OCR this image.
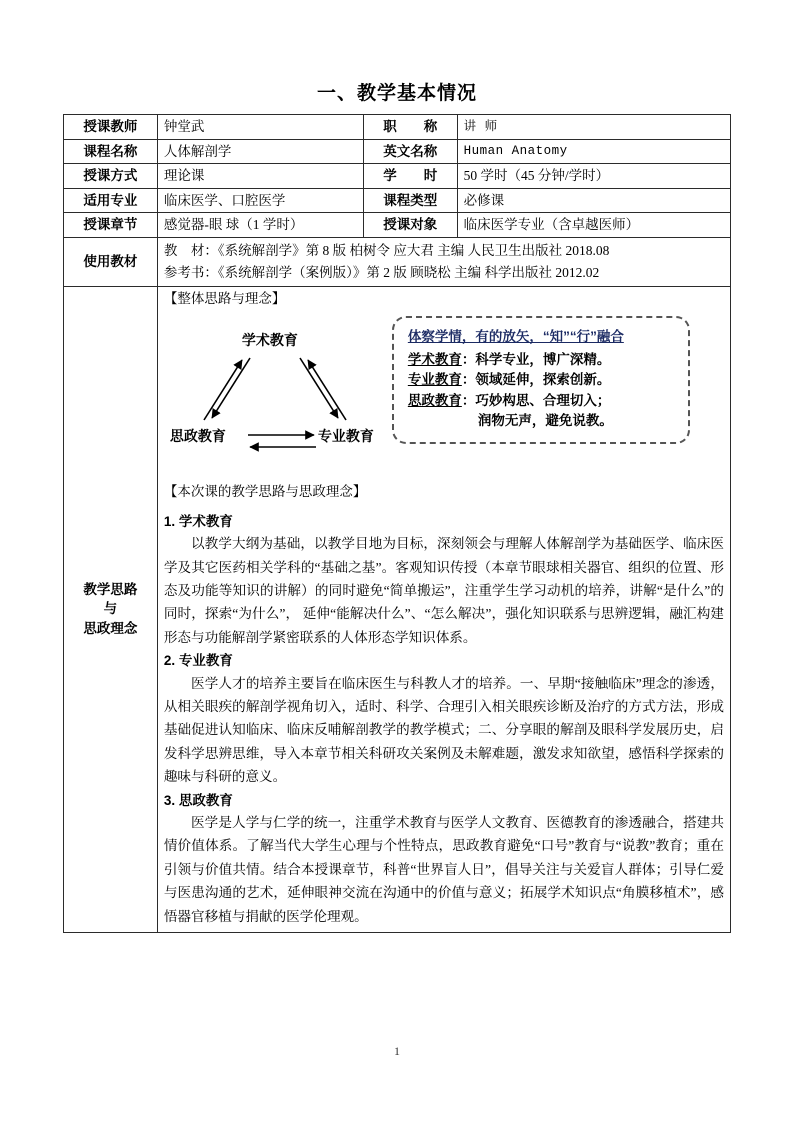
一、教学基本情况
授课教师	钟堂武	职　　称	讲 师
课程名称	人体解剖学	英文名称	Human Anatomy
授课方式	理论课	学　　时	50 学时（45 分钟/学时）
适用专业	临床医学、口腔医学	课程类型	必修课
授课章节	感觉器-眼 球（1 学时）	授课对象	临床医学专业（含卓越医师）
使用教材	教　材：《系统解剖学》第 8 版 柏树令 应大君 主编 人民卫生出版社 2018.08
参考书：《系统解剖学（案例版）》第 2 版 顾晓松 主编 科学出版社 2012.02		

教学思路
与
思政理念

【整体思路与理念】
学术教育
思政教育	专业教育
体察学情，有的放矢，“知”“行”融合
学术教育：科学专业，博广深精。
专业教育：领域延伸，探索创新。
思政教育：巧妙构思、合理切入；
润物无声，避免说教。
【本次课的教学思路与思政理念】
1. 学术教育

以教学大纲为基础，以教学目地为目标，深刻领会与理解人体解剖学为基础医学、临床医学及其它医药相关学科的“基础之基”。客观知识传授（本章节眼球相关器官、组织的位置、形态及功能等知识的讲解）的同时避免“简单搬运”，注重学生学习动机的培养，讲解“是什么”的同时，探索“为什么”， 延伸“能解决什么”、“怎么解决”，强化知识联系与思辨逻辑，融汇构建形态与功能解剖学紧密联系的人体形态学知识体系。

2. 专业教育

医学人才的培养主要旨在临床医生与科教人才的培养。一、早期“接触临床”理念的渗透，从相关眼疾的解剖学视角切入，适时、科学、合理引入相关眼疾诊断及治疗的方式方法，形成基础促进认知临床、临床反哺解剖教学的教学模式；二、分享眼的解剖及眼科学发展历史，启发科学思辨思维，导入本章节相关科研攻关案例及未解难题，激发求知欲望，感悟科学探索的趣味与科研的意义。

3. 思政教育

医学是人学与仁学的统一，注重学术教育与医学人文教育、医德教育的渗透融合，搭建共情价值体系。了解当代大学生心理与个性特点，思政教育避免“口号”教育与“说教”教育；重在引领与价值共情。结合本授课章节，科普“世界盲人日”，倡导关注与关爱盲人群体；引导仁爱与医患沟通的艺术，延伸眼神交流在沟通中的价值与意义；拓展学术知识点“角膜移植术”，感悟器官移植与捐献的医学伦理观。

1
